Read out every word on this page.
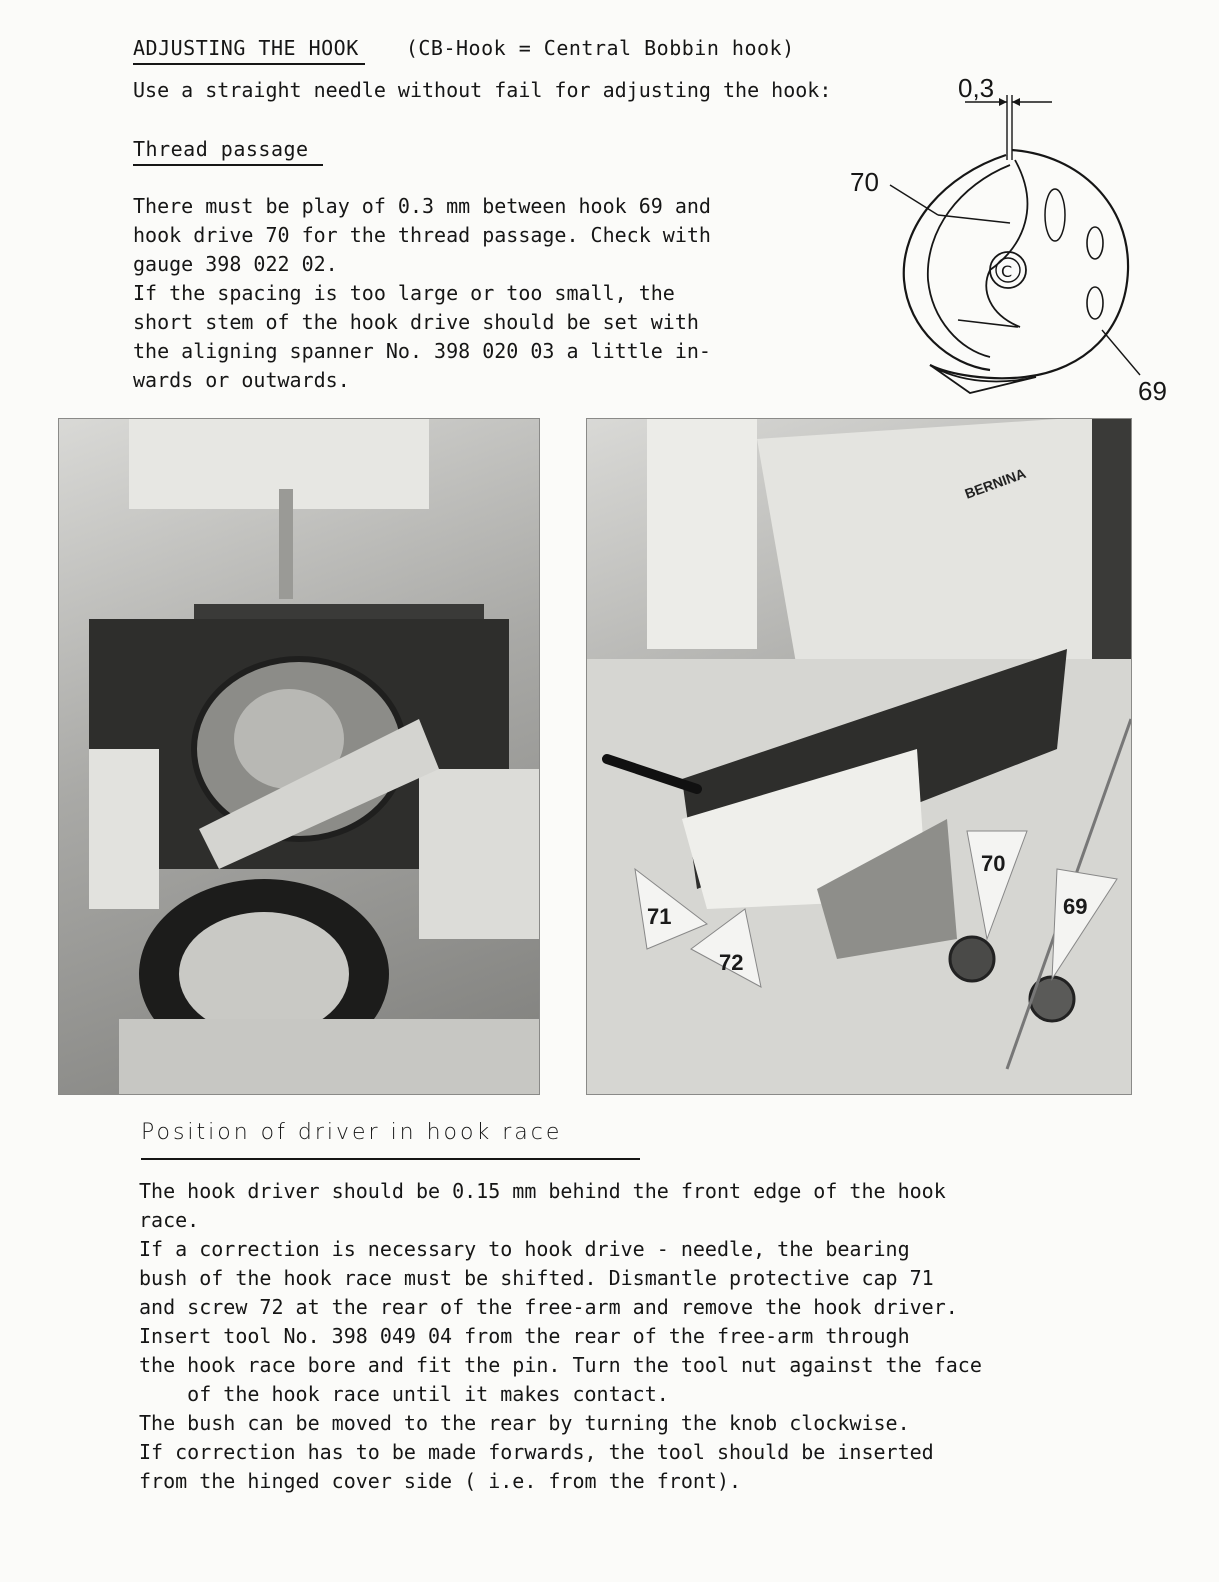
ADJUSTING THE HOOK (CB-Hook = Central Bobbin hook)
Use a straight needle without fail for adjusting the hook:
Thread passage
There must be play of 0.3 mm between hook 69 and
hook drive 70 for the thread passage. Check with
gauge 398 022 02.
If the spacing is too large or too small, the
short stem of the hook drive should be set with
the aligning spanner No. 398 020 03 a little in-
wards or outwards.
0,3
70
C
69
BERNINA
71
72
70
69
Position of driver in hook race
The hook driver should be 0.15 mm behind the front edge of the hook
race.
If a correction is necessary to hook drive - needle, the bearing
bush of the hook race must be shifted. Dismantle protective cap 71
and screw 72 at the rear of the free-arm and remove the hook driver.
Insert tool No. 398 049 04 from the rear of the free-arm through
the hook race bore and fit the pin. Turn the tool nut against the face
of the hook race until it makes contact.
The bush can be moved to the rear by turning the knob clockwise.
If correction has to be made forwards, the tool should be inserted
from the hinged cover side ( i.e. from the front).
